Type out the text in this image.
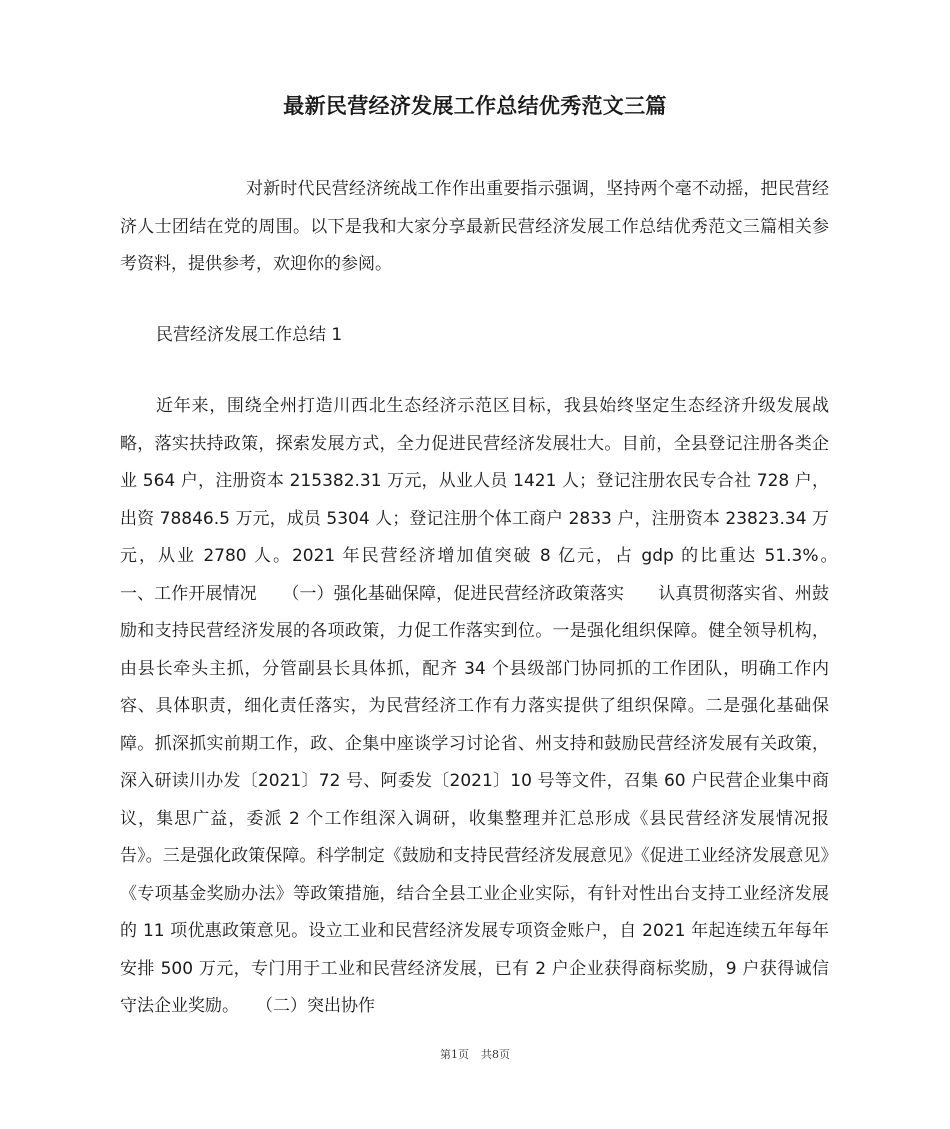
最新民营经济发展工作总结优秀范文三篇

对新时代民营经济统战工作作出重要指示强调，坚持两个毫不动摇，把民营经济人士团结在党的周围。以下是我和大家分享最新民营经济发展工作总结优秀范文三篇相关参考资料，提供参考，欢迎你的参阅。

民营经济发展工作总结 1

近年来，围绕全州打造川西北生态经济示范区目标，我县始终坚定生态经济升级发展战略，落实扶持政策，探索发展方式，全力促进民营经济发展壮大。目前，全县登记注册各类企业 564 户，注册资本 215382.31 万元，从业人员 1421 人；登记注册农民专合社 728 户，出资 78846.5 万元，成员 5304 人；登记注册个体工商户 2833 户，注册资本 23823.34 万元，从业 2780 人。2021 年民营经济增加值突破 8 亿元，占 gdp 的比重达 51.3%。　　一、工作开展情况　　（一）强化基础保障，促进民营经济政策落实　　认真贯彻落实省、州鼓励和支持民营经济发展的各项政策，力促工作落实到位。一是强化组织保障。健全领导机构，由县长牵头主抓，分管副县长具体抓，配齐 34 个县级部门协同抓的工作团队，明确工作内容、具体职责，细化责任落实，为民营经济工作有力落实提供了组织保障。二是强化基础保障。抓深抓实前期工作，政、企集中座谈学习讨论省、州支持和鼓励民营经济发展有关政策，深入研读川办发〔2021〕72 号、阿委发〔2021〕10 号等文件，召集 60 户民营企业集中商议，集思广益，委派 2 个工作组深入调研，收集整理并汇总形成《县民营经济发展情况报告》。三是强化政策保障。科学制定《鼓励和支持民营经济发展意见》《促进工业经济发展意见》《专项基金奖励办法》等政策措施，结合全县工业企业实际，有针对性出台支持工业经济发展的 11 项优惠政策意见。设立工业和民营经济发展专项资金账户，自 2021 年起连续五年每年安排 500 万元，专门用于工业和民营经济发展，已有 2 户企业获得商标奖励，9 户获得诚信守法企业奖励。　　（二）突出协作

第1页 共8页
